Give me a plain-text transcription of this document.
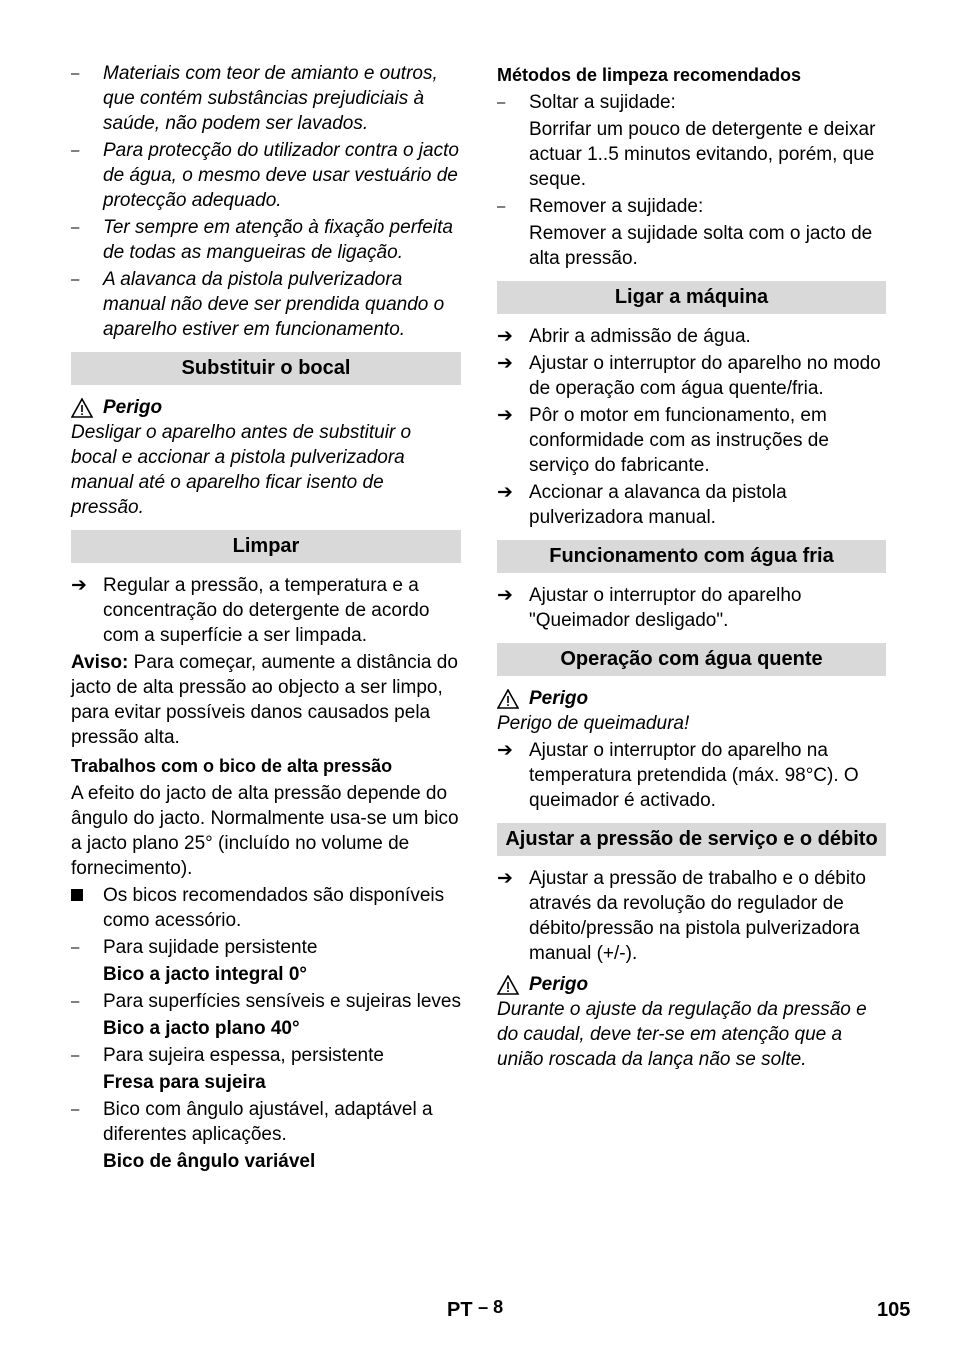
–	Materiais com teor de amianto e outros, que contém substâncias prejudiciais à saúde, não podem ser lavados.
–	Para protecção do utilizador contra o jacto de água, o mesmo deve usar vestuário de protecção adequado.
–	Ter sempre em atenção à fixação perfeita de todas as mangueiras de ligação.
–	A alavanca da pistola pulverizadora manual não deve ser prendida quando o aparelho estiver em funcionamento.
Substituir o bocal
Perigo
Desligar o aparelho antes de substituir o bocal e accionar a pistola pulverizadora manual até o aparelho ficar isento de pressão.
Limpar
➔ Regular a pressão, a temperatura e a concentração do detergente de acordo com a superfície a ser limpada.
Aviso: Para começar, aumente a distância do jacto de alta pressão ao objecto a ser limpo, para evitar possíveis danos causados pela pressão alta.
Trabalhos com o bico de alta pressão
A efeito do jacto de alta pressão depende do ângulo do jacto. Normalmente usa-se um bico a jacto plano 25° (incluído no volume de fornecimento).
Os bicos recomendados são disponíveis como acessório.
–	Para sujidade persistente
Bico a jacto integral 0°
–	Para superfícies sensíveis e sujeiras leves
Bico a jacto plano 40°
–	Para sujeira espessa, persistente
Fresa para sujeira
–	Bico com ângulo ajustável, adaptável a diferentes aplicações.
Bico de ângulo variável
Métodos de limpeza recomendados
–	Soltar a sujidade:
Borrifar um pouco de detergente e deixar actuar 1..5 minutos evitando, porém, que seque.
–	Remover a sujidade:
Remover a sujidade solta com o jacto de alta pressão.
Ligar a máquina
➔ Abrir a admissão de água.
➔ Ajustar o interruptor do aparelho no modo de operação com água quente/fria.
➔ Pôr o motor em funcionamento, em conformidade com as instruções de serviço do fabricante.
➔ Accionar a alavanca da pistola pulverizadora manual.
Funcionamento com água fria
➔ Ajustar o interruptor do aparelho "Queimador desligado".
Operação com água quente
Perigo
Perigo de queimadura!
➔ Ajustar o interruptor do aparelho na temperatura pretendida (máx. 98°C). O queimador é activado.
Ajustar a pressão de serviço e o débito
➔ Ajustar a pressão de trabalho e o débito através da revolução do regulador de débito/pressão na pistola pulverizadora manual (+/-).
Perigo
Durante o ajuste da regulação da pressão e do caudal, deve ter-se em atenção que a união roscada da lança não se solte.
PT – 8	105
